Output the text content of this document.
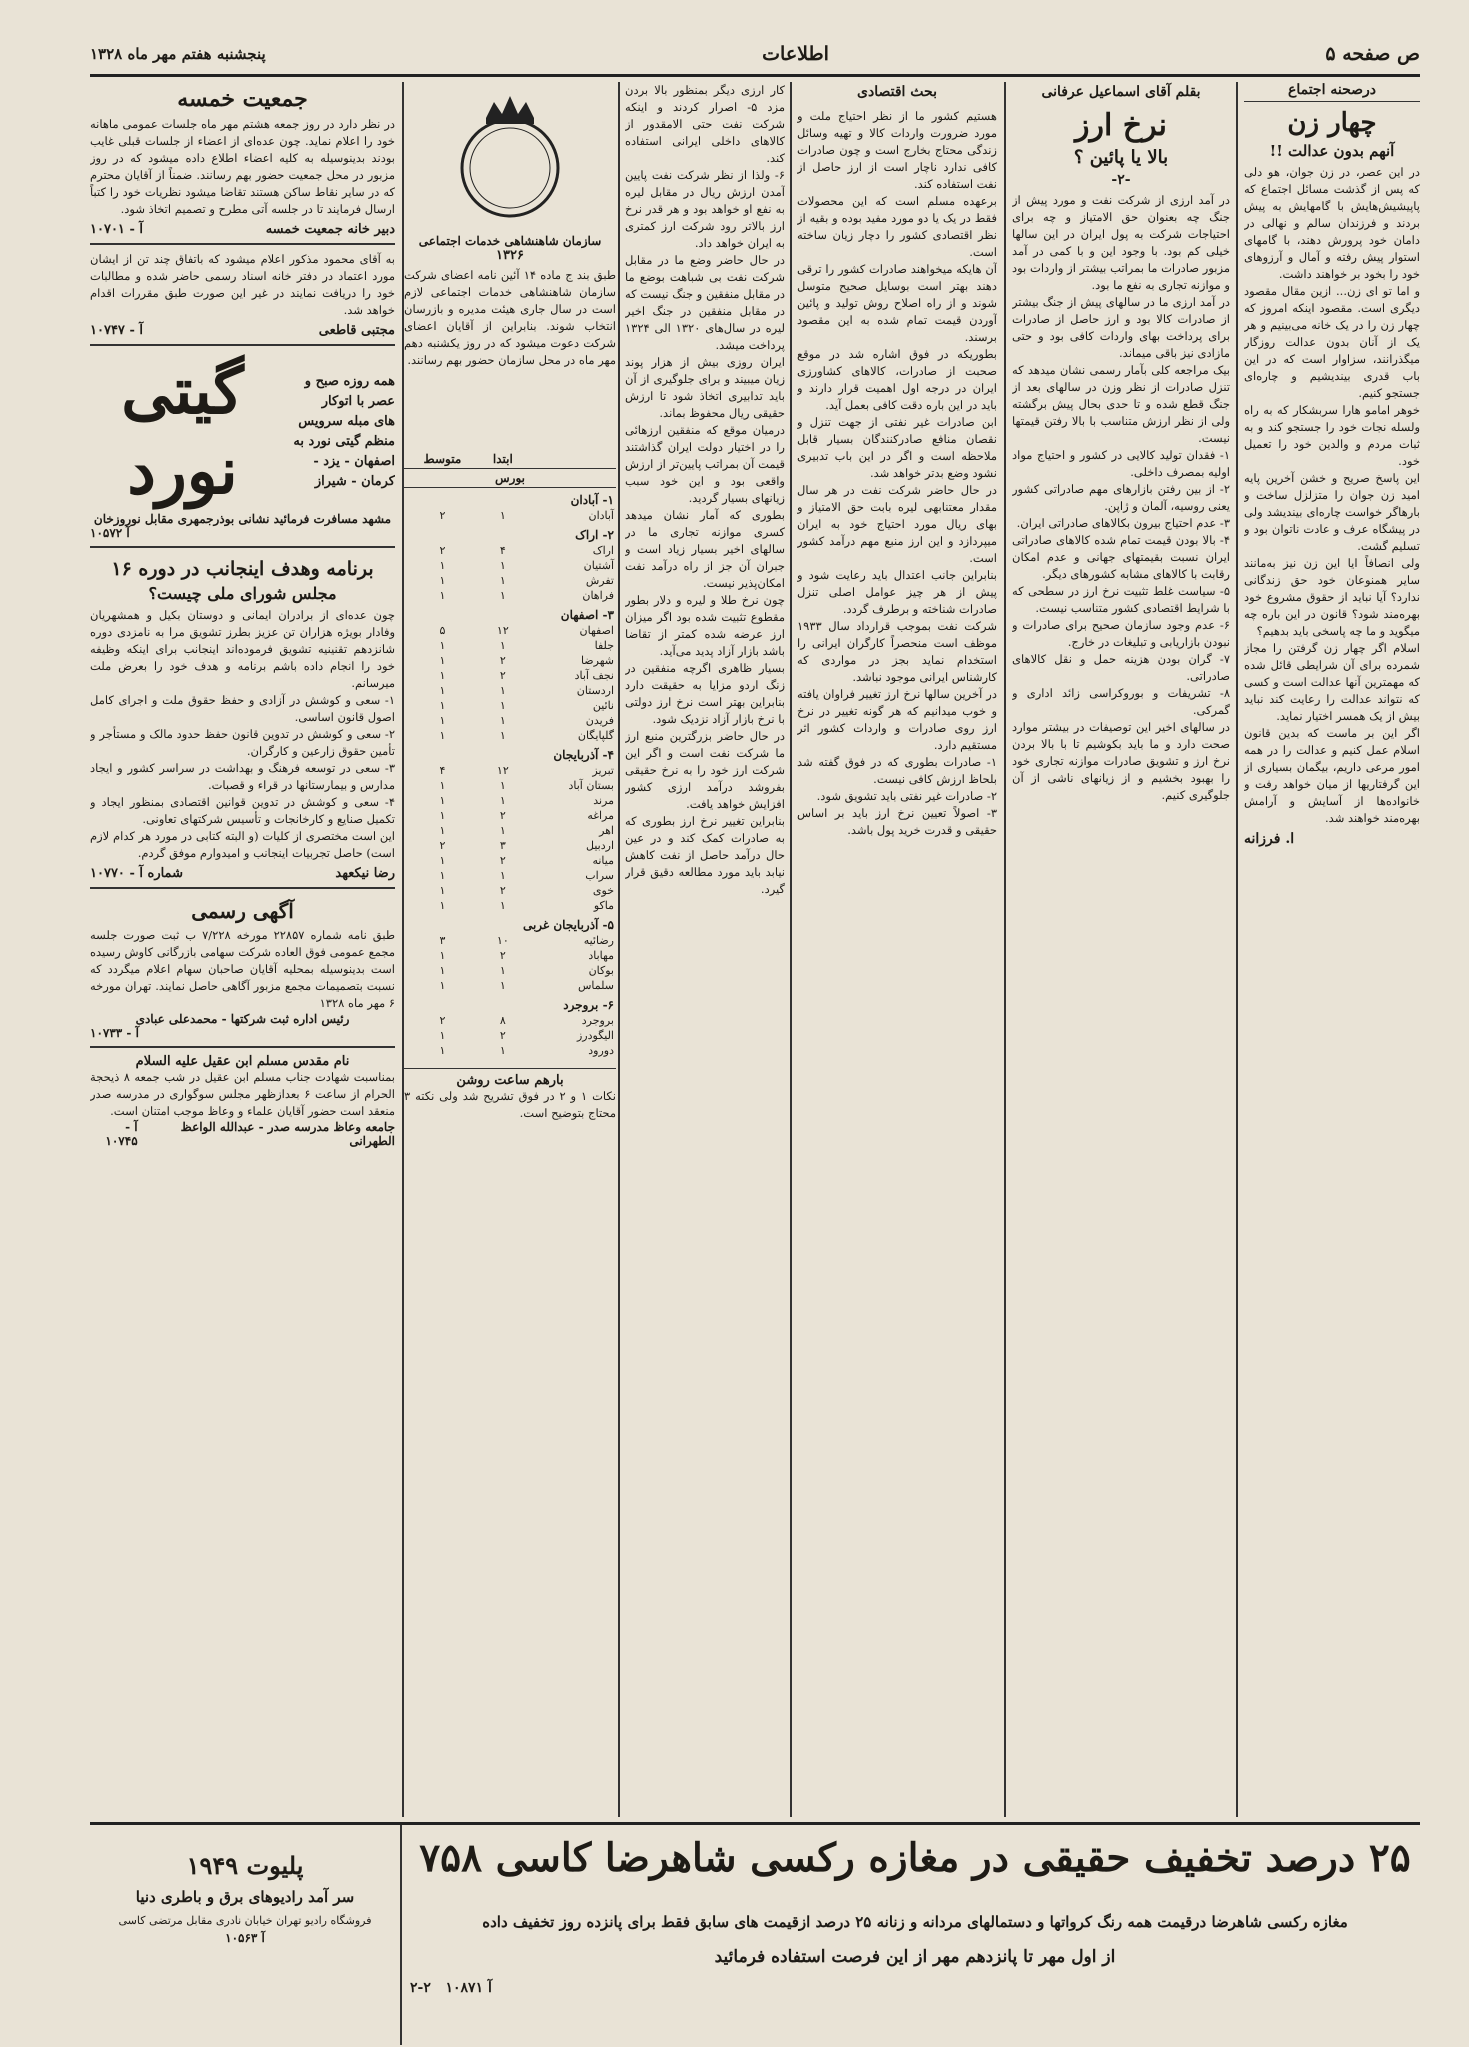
ص صفحه ۵
اطلاعات
پنجشنبه هفتم مهر ماه ۱۳۲۸
درصحنه اجتماع
چهار زن
آنهم بدون عدالت !!

در این عصر، در زن جوان، هو دلی که پس از گذشت مسائل اجتماع که پاپیشیش‌هایش با گامهایش به پیش بردند و فرزندان سالم و نهالی در دامان خود پرورش دهند، با گامهای استوار پیش رفته و آمال و آرزوهای خود را بخود بر خواهند داشت.

و اما تو ای زن... ازین مقال مقصود دیگری است. مقصود اینکه امروز که چهار زن را در یک خانه می‌بینیم و هر یک از آنان بدون عدالت روزگار میگذرانند، سزاوار است که در این باب قدری بیندیشیم و چاره‌ای جستجو کنیم.

خوهر امامو هارا سربشکار که به راه ولسله نجات خود را جستجو کند و به ثبات مردم و والدین خود را تعمیل خود.

این پاسخ صریح و خشن آخرین پایه امید زن جوان را متزلزل ساخت و بارهاگر خواست چاره‌ای بیندیشد ولی در پیشگاه عرف و عادت ناتوان بود و تسلیم گشت.

ولی انصافاً ایا این زن نیز به‌مانند سایر همنوعان خود حق زندگانی ندارد؟ آیا نباید از حقوق مشروع خود بهره‌مند شود؟ قانون در این باره چه میگوید و ما چه پاسخی باید بدهیم؟

اسلام اگر چهار زن گرفتن را مجاز شمرده برای آن شرایطی قائل شده که مهمترین آنها عدالت است و کسی که نتواند عدالت را رعایت کند نباید بیش از یک همسر اختیار نماید.

اگر این بر ماست که بدین قانون اسلام عمل کنیم و عدالت را در همه امور مرعی داریم، بیگمان بسیاری از این گرفتاریها از میان خواهد رفت و خانواده‌ها از آسایش و آرامش بهره‌مند خواهند شد.

ا. فرزانه
بقلم آقای اسماعیل عرفانی
نرخ ارز
بالا یا پائین ؟
-۲-

در آمد ارزی از شرکت نفت و مورد پیش از جنگ چه بعنوان حق الامتیاز و چه برای احتیاجات شرکت به پول ایران در این سالها خیلی کم بود. با وجود این و با کمی در آمد مزبور صادرات ما بمراتب بیشتر از واردات بود و موازنه تجاری به نفع ما بود.

در آمد ارزی ما در سالهای پیش از جنگ بیشتر از صادرات کالا بود و ارز حاصل از صادرات برای پرداخت بهای واردات کافی بود و حتی مازادی نیز باقی میماند.

بیک مراجعه کلی بآمار رسمی نشان میدهد که تنزل صادرات از نظر وزن در سالهای بعد از جنگ قطع شده و تا حدی بحال پیش برگشته ولی از نظر ارزش متناسب با بالا رفتن قیمتها نیست.

۱- فقدان تولید کالایی در کشور و احتیاج مواد اولیه بمصرف داخلی.

۲- از بین رفتن بازارهای مهم صادراتی کشور یعنی روسیه، آلمان و ژاپن.

۳- عدم احتیاج بیرون بکالاهای صادراتی ایران.

۴- بالا بودن قیمت تمام شده کالاهای صادراتی ایران نسبت بقیمتهای جهانی و عدم امکان رقابت با کالاهای مشابه کشورهای دیگر.

۵- سیاست غلط تثبیت نرخ ارز در سطحی که با شرایط اقتصادی کشور متناسب نیست.

۶- عدم وجود سازمان صحیح برای صادرات و نبودن بازاریابی و تبلیغات در خارج.

۷- گران بودن هزینه حمل و نقل کالاهای صادراتی.

۸- تشریفات و بوروکراسی زائد اداری و گمرکی.

در سالهای اخیر این توصیفات در بیشتر موارد صحت دارد و ما باید بکوشیم تا با بالا بردن نرخ ارز و تشویق صادرات موازنه تجاری خود را بهبود بخشیم و از زیانهای ناشی از آن جلوگیری کنیم.

بحث اقتصادی

هستیم کشور ما از نظر احتیاج ملت و مورد ضرورت واردات کالا و تهیه وسائل زندگی محتاج بخارج است و چون صادرات کافی ندارد ناچار است از ارز حاصل از نفت استفاده کند.

برعهده مسلم است که این محصولات فقط در یک یا دو مورد مفید بوده و بقیه از نظر اقتصادی کشور را دچار زیان ساخته است.

آن هایکه میخواهند صادرات کشور را ترقی دهند بهتر است بوسایل صحیح متوسل شوند و از راه اصلاح روش تولید و پائین آوردن قیمت تمام شده به این مقصود برسند.

بطوریکه در فوق اشاره شد در موقع صحبت از صادرات، کالاهای کشاورزی ایران در درجه اول اهمیت قرار دارند و باید در این باره دقت کافی بعمل آید.

ابن صادرات غیر نفتی از جهت تنزل و نقصان منافع صادرکنندگان بسیار قابل ملاحظه است و اگر در این باب تدبیری نشود وضع بدتر خواهد شد.

در حال حاضر شرکت نفت در هر سال مقدار معتنابهی لیره بابت حق الامتیاز و بهای ریال مورد احتیاج خود به ایران میپردازد و این ارز منبع مهم درآمد کشور است.

بنابراین جانب اعتدال باید رعایت شود و پیش از هر چیز عوامل اصلی تنزل صادرات شناخته و برطرف گردد.

شرکت نفت بموجب قرارداد سال ۱۹۳۳ موظف است منحصراً کارگران ایرانی را استخدام نماید بجز در مواردی که کارشناس ایرانی موجود نباشد.

در آخرین سالها نرخ ارز تغییر فراوان یافته و خوب میدانیم که هر گونه تغییر در نرخ ارز روی صادرات و واردات کشور اثر مستقیم دارد.

۱- صادرات بطوری که در فوق گفته شد بلحاظ ارزش کافی نیست.

۲- صادرات غیر نفتی باید تشویق شود.

۳- اصولاً تعیین نرخ ارز باید بر اساس حقیقی و قدرت خرید پول باشد.

کار ارزی دیگر بمنظور بالا بردن مزد ۵- اصرار کردند و اینکه شرکت نفت حتی الامقدور از کالاهای داخلی ایرانی استفاده کند.

۶- ولذا از نظر شرکت نفت پایین آمدن ارزش ریال در مقابل لیره به نفع او خواهد بود و هر قدر نرخ ارز بالاتر رود شرکت ارز کمتری به ایران خواهد داد.

در حال حاضر وضع ما در مقابل شرکت نفت بی شباهت بوضع ما در مقابل منفقین و جنگ نیست که در مقابل منفقین در جنگ اخیر لیره در سال‌های ۱۳۲۰ الی ۱۳۲۴ پرداخت میشد.

ایران روزی بیش از هزار پوند زیان میبیند و برای جلوگیری از آن باید تدابیری اتخاذ شود تا ارزش حقیقی ریال محفوظ بماند.

درمیان موقع که منفقین ارزهائی را در اختیار دولت ایران گذاشتند قیمت آن بمراتب پایین‌تر از ارزش واقعی بود و این خود سبب زیانهای بسیار گردید.

بطوری که آمار نشان میدهد کسری موازنه تجاری ما در سالهای اخیر بسیار زیاد است و جبران آن جز از راه درآمد نفت امکان‌پذیر نیست.

چون نرخ طلا و لیره و دلار بطور مقطوع تثبیت شده بود اگر میزان ارز عرضه شده کمتر از تقاضا باشد بازار آزاد پدید می‌آید.

بسیار ظاهری اگرچه منفقین در زنگ اردو مزایا به حقیقت دارد بنابراین بهتر است نرخ ارز دولتی با نرخ بازار آزاد نزدیک شود.

در حال حاضر بزرگترین منبع ارز ما شرکت نفت است و اگر این شرکت ارز خود را به نرخ حقیقی بفروشد درآمد ارزی کشور افزایش خواهد یافت.

بنابراین تغییر نرخ ارز بطوری که به صادرات کمک کند و در عین حال درآمد حاصل از نفت کاهش نیابد باید مورد مطالعه دقیق قرار گیرد.

	ابتدا	متوسط
بورس		
۱- آبادان		
آبادان	۱	۲
۲- اراک		
اراک	۴	۲
آشتیان	۱	۱
تفرش	۱	۱
فراهان	۱	۱
۳- اصفهان		
اصفهان	۱۲	۵
جلفا	۱	۱
شهرضا	۲	۱
نجف آباد	۲	۱
اردستان	۱	۱
نائین	۱	۱
فریدن	۱	۱
گلپایگان	۱	۱
۴- آذربایجان		
تبریز	۱۲	۴
بستان آباد	۱	۱
مرند	۱	۱
مراغه	۲	۱
اهر	۱	۱
اردبیل	۳	۲
میانه	۲	۱
سراب	۱	۱
خوی	۲	۱
ماکو	۱	۱
۵- آذربایجان غربی		
رضائیه	۱۰	۳
مهاباد	۲	۱
بوکان	۱	۱
سلماس	۱	۱
۶- بروجرد		
بروجرد	۸	۲
الیگودرز	۲	۱
دورود	۱	۱
بارهم ساعت روشن

نکات ۱ و ۲ در فوق تشریح شد ولی نکته ۳ محتاج بتوضیح است.

سازمان شاهنشاهی خدمات اجتماعی
۱۳۲۶

طبق بند ج ماده ۱۴ آئین نامه اعضای شرکت سازمان شاهنشاهی خدمات اجتماعی لازم است در سال جاری هیئت مدیره و بازرسان انتخاب شوند. بنابراین از آقایان اعضای شرکت دعوت میشود که در روز یکشنبه دهم مهر ماه در محل سازمان حضور بهم رسانند.

جمعیت خمسه

در نظر دارد در روز جمعه هشتم مهر ماه جلسات عمومی ماهانه خود را اعلام نماید. چون عده‌ای از اعضاء از جلسات قبلی غایب بودند بدینوسیله به کلیه اعضاء اطلاع داده میشود که در روز مزبور در محل جمعیت حضور بهم رسانند. ضمناً از آقایان محترم که در سایر نقاط ساکن هستند تقاضا میشود نظریات خود را کتباً ارسال فرمایند تا در جلسه آتی مطرح و تصمیم اتخاذ شود.

دبیر خانه جمعیت خمسه
آ - ۱۰۷۰۱

به آقای محمود مذکور اعلام میشود که باتفاق چند تن از ایشان مورد اعتماد در دفتر خانه اسناد رسمی حاضر شده و مطالبات خود را دریافت نمایند در غیر این صورت طبق مقررات اقدام خواهد شد.

مجتبی قاطعی
آ - ۱۰۷۴۷
همه روزه صبح و عصر با اتوکار
های مبله سرویس
منظم گیتی نورد به
اصفهان - یزد -
کرمان - شیراز
گیتی نورد
مشهد مسافرت فرمائید نشانی بوذرجمهری مقابل نوروزخان
آ ۱۰۵۷۲
برنامه وهدف اینجانب در دوره ۱۶
مجلس شورای ملی چیست؟

چون عده‌ای از برادران ایمانی و دوستان بکیل و همشهریان وفادار بویژه هزاران تن عزیز بطرز تشویق مرا به نامزدی دوره شانزدهم تقنینیه تشویق فرموده‌اند اینجانب برای اینکه وظیفه خود را انجام داده باشم برنامه و هدف خود را بعرض ملت میرسانم.

۱- سعی و کوشش در آزادی و حفظ حقوق ملت و اجرای کامل اصول قانون اساسی.

۲- سعی و کوشش در تدوین قانون حفظ حدود مالک و مستأجر و تأمین حقوق زارعین و کارگران.

۳- سعی در توسعه فرهنگ و بهداشت در سراسر کشور و ایجاد مدارس و بیمارستانها در قراء و قصبات.

۴- سعی و کوشش در تدوین قوانین اقتصادی بمنظور ایجاد و تکمیل صنایع و کارخانجات و تأسیس شرکتهای تعاونی.

این است مختصری از کلیات (و البته کتابی در مورد هر کدام لازم است) حاصل تجربیات اینجانب و امیدوارم موفق گردم.

رضا نیکعهد
شماره آ - ۱۰۷۷۰
آگهی رسمی

طبق نامه شماره ۲۲۸۵۷ مورخه ۷/۲۲۸ ب ثبت صورت جلسه مجمع عمومی فوق العاده شرکت سهامی بازرگانی کاوش رسیده است بدینوسیله بمحلیه آقایان صاحبان سهام اعلام میگردد که نسبت بتصمیمات مجمع مزبور آگاهی حاصل نمایند. تهران مورخه ۶ مهر ماه ۱۳۲۸

رئیس اداره ثبت شرکتها - محمدعلی عبادی
آ - ۱۰۷۳۳
نام مقدس مسلم ابن عقیل علیه السلام

بمناسبت شهادت جناب مسلم ابن عقیل در شب جمعه ۸ ذیحجة الحرام از ساعت ۶ بعدازظهر مجلس سوگواری در مدرسه صدر منعقد است حضور آقایان علماء و وعاظ موجب امتنان است.

جامعه وعاظ مدرسه صدر - عبدالله الواعظ الطهرانی
آ - ۱۰۷۴۵
۲۵ درصد تخفیف حقیقی در مغازه رکسی شاهرضا کاسی ۷۵۸
مغازه رکسی شاهرضا درقیمت همه رنگ کرواتها و دستمالهای مردانه و زنانه ۲۵ درصد ازقیمت های سابق فقط برای پانزده روز تخفیف داده
از اول مهر تا پانزدهم مهر از این فرصت استفاده فرمائید
آ ۱۰۸۷۱   ۲-۲
پلیوت ۱۹۴۹
سر آمد رادیوهای برق و باطری دنیا
فروشگاه رادیو تهران خیابان نادری مقابل مرتضی کاسی
آ ۱۰۵۶۳
